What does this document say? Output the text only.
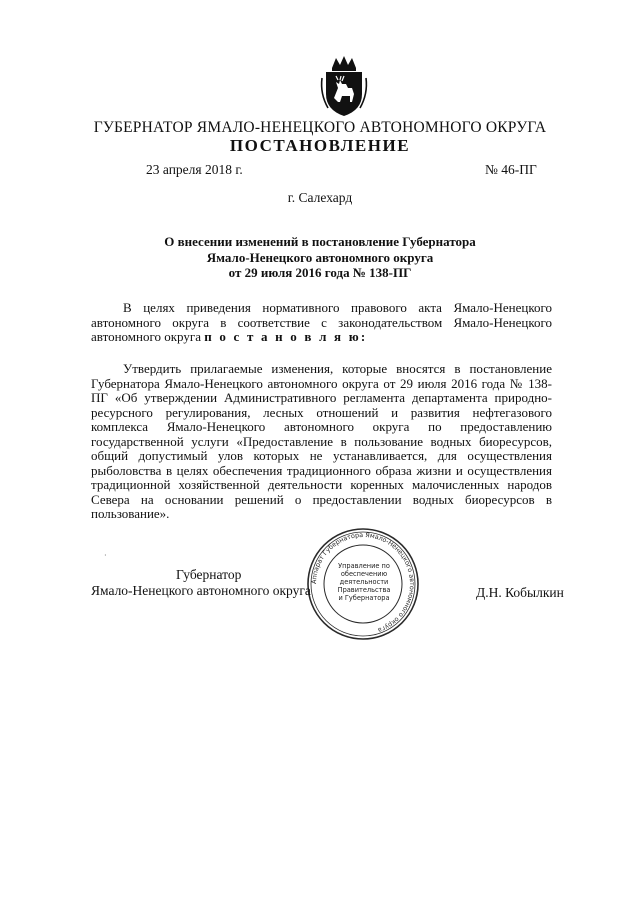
ГУБЕРНАТОР ЯМАЛО-НЕНЕЦКОГО АВТОНОМНОГО ОКРУГА
ПОСТАНОВЛЕНИЕ
23 апреля 2018 г.	№ 46-ПГ
г. Салехард
О внесении изменений в постановление Губернатора
Ямало-Ненецкого автономного округа
от 29 июля 2016 года № 138-ПГ
В целях приведения нормативного правового акта Ямало-Ненецкого автономного округа в соответствие с законодательством Ямало-Ненецкого автономного округа п о с т а н о в л я ю:
Утвердить прилагаемые изменения, которые вносятся в постановление Губернатора Ямало-Ненецкого автономного округа от 29 июля 2016 года № 138-ПГ «Об утверждении Административного регламента департамента природно-ресурсного регулирования, лесных отношений и развития нефтегазового комплекса Ямало-Ненецкого автономного округа по предоставлению государственной услуги «Предоставление в пользование водных биоресурсов, общий допустимый улов которых не устанавливается, для осуществления рыболовства в целях обеспечения традиционного образа жизни и осуществления традиционной хозяйственной деятельности коренных малочисленных народов Севера на основании решений о предоставлении водных биоресурсов в пользование».
·
Аппарат Губернатора Ямало-Ненецкого автономного округа
Управление по
обеспечению
деятельности
Правительства
и Губернатора
Губернатор
Ямало-Ненецкого автономного округа	Д.Н. Кобылкин
